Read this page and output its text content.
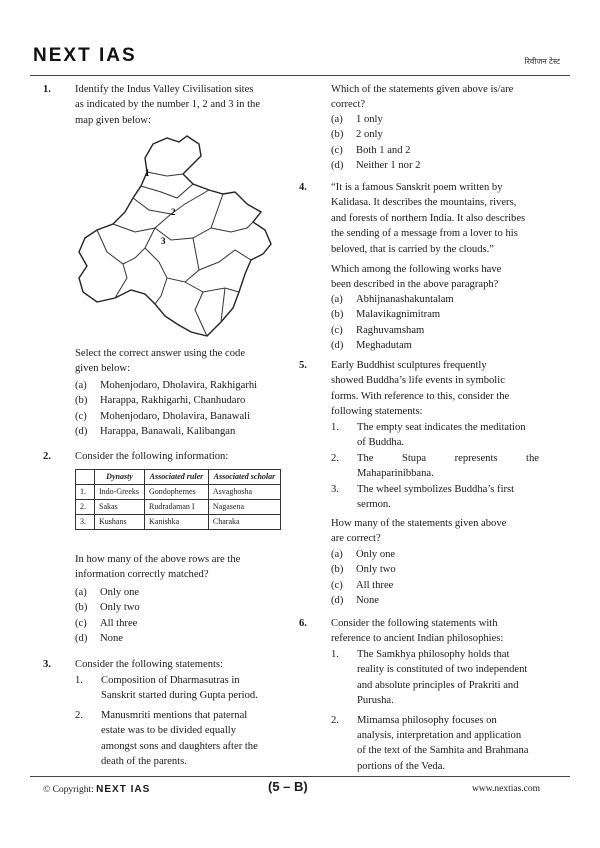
NEXT IAS	रिवीजन टेस्ट
1. Identify the Indus Valley Civilisation sites
as indicated by the number 1, 2 and 3 in the
map given below:
1
2
3
Select the correct answer using the code
given below:
(a)	Mohenjodaro, Dholavira, Rakhigarhi
(b)	Harappa, Rakhigarhi, Chanhudaro
(c)	Mohenjodaro, Dholavira, Banawali
(d)	Harappa, Banawali, Kalibangan
2. Consider the following information:
	Dynasty	Associated ruler	Associated scholar
1.	Indo-Greeks	Gondophernes	Asvaghosha
2.	Sakas	Rudradaman I	Nagasena
3.	Kushans	Kanishka	Charaka
In how many of the above rows are the
information correctly matched?
(a)	Only one
(b)	Only two
(c)	All three
(d)	None
3. Consider the following statements:
1.	Composition of Dharmasutras in
Sanskrit started during Gupta period.
2.	Manusmriti mentions that paternal
estate was to be divided equally
amongst sons and daughters after the
death of the parents.
Which of the statements given above is/are
correct?
(a)	1 only
(b)	2 only
(c)	Both 1 and 2
(d)	Neither 1 nor 2
4. “It is a famous Sanskrit poem written by
Kalidasa. It describes the mountains, rivers,
and forests of northern India. It also describes
the sending of a message from a lover to his
beloved, that is carried by the clouds.”
Which among the following works have
been described in the above paragraph?
(a)	Abhijnanashakuntalam
(b)	Malavikagnimitram
(c)	Raghuvamsham
(d)	Meghadutam
5. Early Buddhist sculptures frequently
showed Buddha’s life events in symbolic
forms. With reference to this, consider the
following statements:
1.	The empty seat indicates the meditation
of Buddha.
2.	The Stupa represents the
Mahaparinibbana.
3.	The wheel symbolizes Buddha’s first
sermon.
How many of the statements given above
are correct?
(a)	Only one
(b)	Only two
(c)	All three
(d)	None
6. Consider the following statements with
reference to ancient Indian philosophies:
1.	The Samkhya philosophy holds that
reality is constituted of two independent
and absolute principles of Prakriti and
Purusha.
2.	Mimamsa philosophy focuses on
analysis, interpretation and application
of the text of the Samhita and Brahmana
portions of the Veda.
© Copyright: NEXT IAS	(5 – B)	www.nextias.com
